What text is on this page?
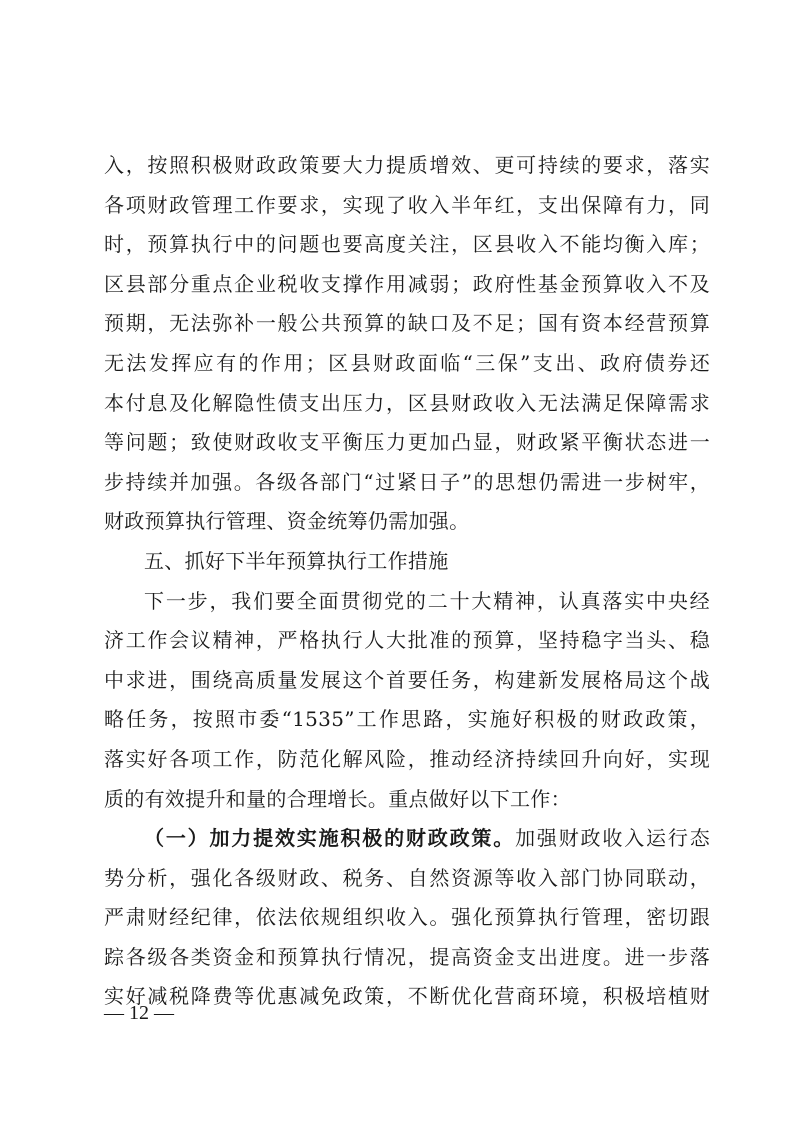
入，按照积极财政政策要大力提质增效、更可持续的要求，落实
各项财政管理工作要求，实现了收入半年红，支出保障有力，同
时，预算执行中的问题也要高度关注，区县收入不能均衡入库；
区县部分重点企业税收支撑作用减弱；政府性基金预算收入不及
预期，无法弥补一般公共预算的缺口及不足；国有资本经营预算
无法发挥应有的作用；区县财政面临“三保”支出、政府债券还
本付息及化解隐性债支出压力，区县财政收入无法满足保障需求
等问题；致使财政收支平衡压力更加凸显，财政紧平衡状态进一
步持续并加强。各级各部门“过紧日子”的思想仍需进一步树牢，
财政预算执行管理、资金统筹仍需加强。
五、抓好下半年预算执行工作措施
下一步，我们要全面贯彻党的二十大精神，认真落实中央经
济工作会议精神，严格执行人大批准的预算，坚持稳字当头、稳
中求进，围绕高质量发展这个首要任务，构建新发展格局这个战
略任务，按照市委“1535”工作思路，实施好积极的财政政策，
落实好各项工作，防范化解风险，推动经济持续回升向好，实现
质的有效提升和量的合理增长。重点做好以下工作：
（一）加力提效实施积极的财政政策。加强财政收入运行态
势分析，强化各级财政、税务、自然资源等收入部门协同联动，
严肃财经纪律，依法依规组织收入。强化预算执行管理，密切跟
踪各级各类资金和预算执行情况，提高资金支出进度。进一步落
实好减税降费等优惠减免政策，不断优化营商环境，积极培植财
— 12 —
